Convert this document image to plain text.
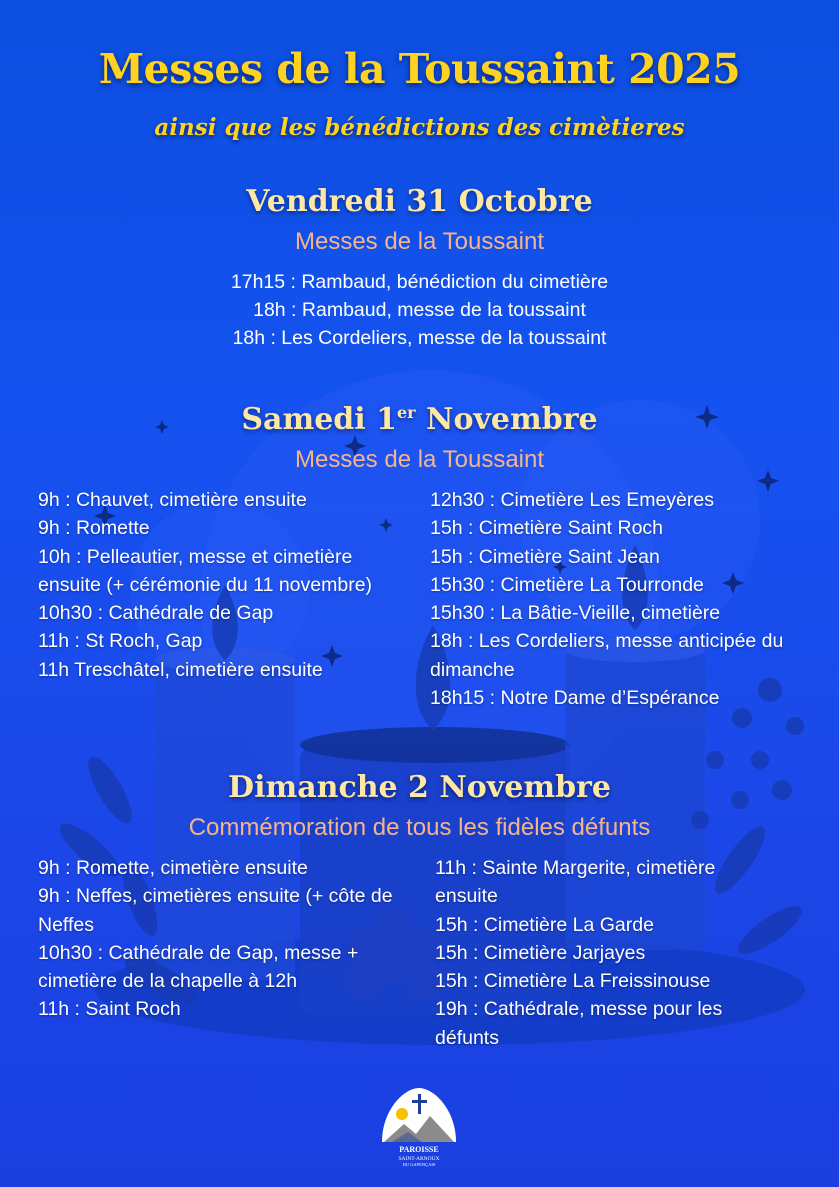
Messes de la Toussaint 2025
ainsi que les bénédictions des cimètieres
Vendredi 31 Octobre
Messes de la Toussaint
17h15 : Rambaud, bénédiction du cimetière
18h : Rambaud, messe de la toussaint
18h : Les Cordeliers, messe de la toussaint
Samedi 1er Novembre
Messes de la Toussaint
9h : Chauvet, cimetière ensuite
9h : Romette
10h : Pelleautier, messe et cimetière ensuite (+ cérémonie du 11 novembre)
10h30 : Cathédrale de Gap
11h : St Roch, Gap
11h Treschâtel, cimetière ensuite
12h30 : Cimetière Les Emeyères
15h : Cimetière Saint Roch
15h : Cimetière Saint Jean
15h30 : Cimetière La Tourronde
15h30 : La Bâtie-Vieille, cimetière
18h : Les Cordeliers, messe anticipée du dimanche
18h15 : Notre Dame d’Espérance
Dimanche 2 Novembre
Commémoration de tous les fidèles défunts
9h : Romette, cimetière ensuite
9h : Neffes, cimetières ensuite (+ côte de Neffes
10h30 : Cathédrale de Gap, messe + cimetière de la chapelle à 12h
11h : Saint Roch
11h : Sainte Margerite, cimetière ensuite
15h : Cimetière La Garde
15h : Cimetière Jarjayes
15h : Cimetière La Freissinouse
19h : Cathédrale, messe pour les défunts
PAROISSE
SAINT-ARNOUX
DU GAPENÇAIS
